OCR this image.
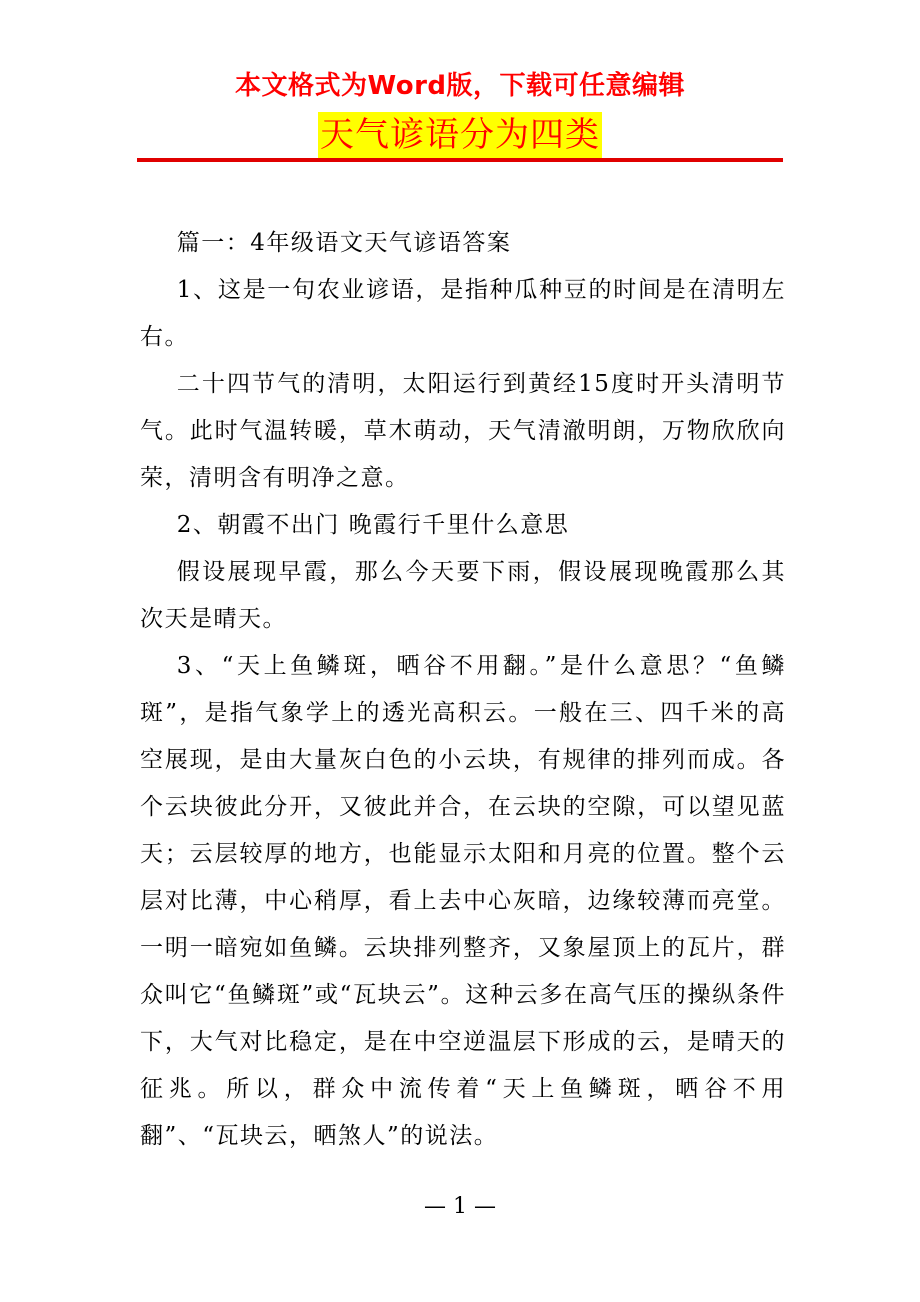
本文格式为Word版，下载可任意编辑
天气谚语分为四类

篇一：4年级语文天气谚语答案

1、这是一句农业谚语，是指种瓜种豆的时间是在清明左右。

二十四节气的清明，太阳运行到黄经15度时开头清明节气。此时气温转暖，草木萌动，天气清澈明朗，万物欣欣向荣，清明含有明净之意。

2、朝霞不出门 晚霞行千里什么意思

假设展现早霞，那么今天要下雨，假设展现晚霞那么其次天是晴天。

3、“天上鱼鳞斑，晒谷不用翻。”是什么意思？“鱼鳞斑”，是指气象学上的透光高积云。一般在三、四千米的高空展现，是由大量灰白色的小云块，有规律的排列而成。各个云块彼此分开，又彼此并合，在云块的空隙，可以望见蓝天；云层较厚的地方，也能显示太阳和月亮的位置。整个云层对比薄，中心稍厚，看上去中心灰暗，边缘较薄而亮堂。一明一暗宛如鱼鳞。云块排列整齐，又象屋顶上的瓦片，群众叫它“鱼鳞斑”或“瓦块云”。这种云多在高气压的操纵条件下，大气对比稳定，是在中空逆温层下形成的云，是晴天的征兆。所以，群众中流传着“天上鱼鳞斑，晒谷不用翻”、“瓦块云，晒煞人”的说法。

— 1 —
